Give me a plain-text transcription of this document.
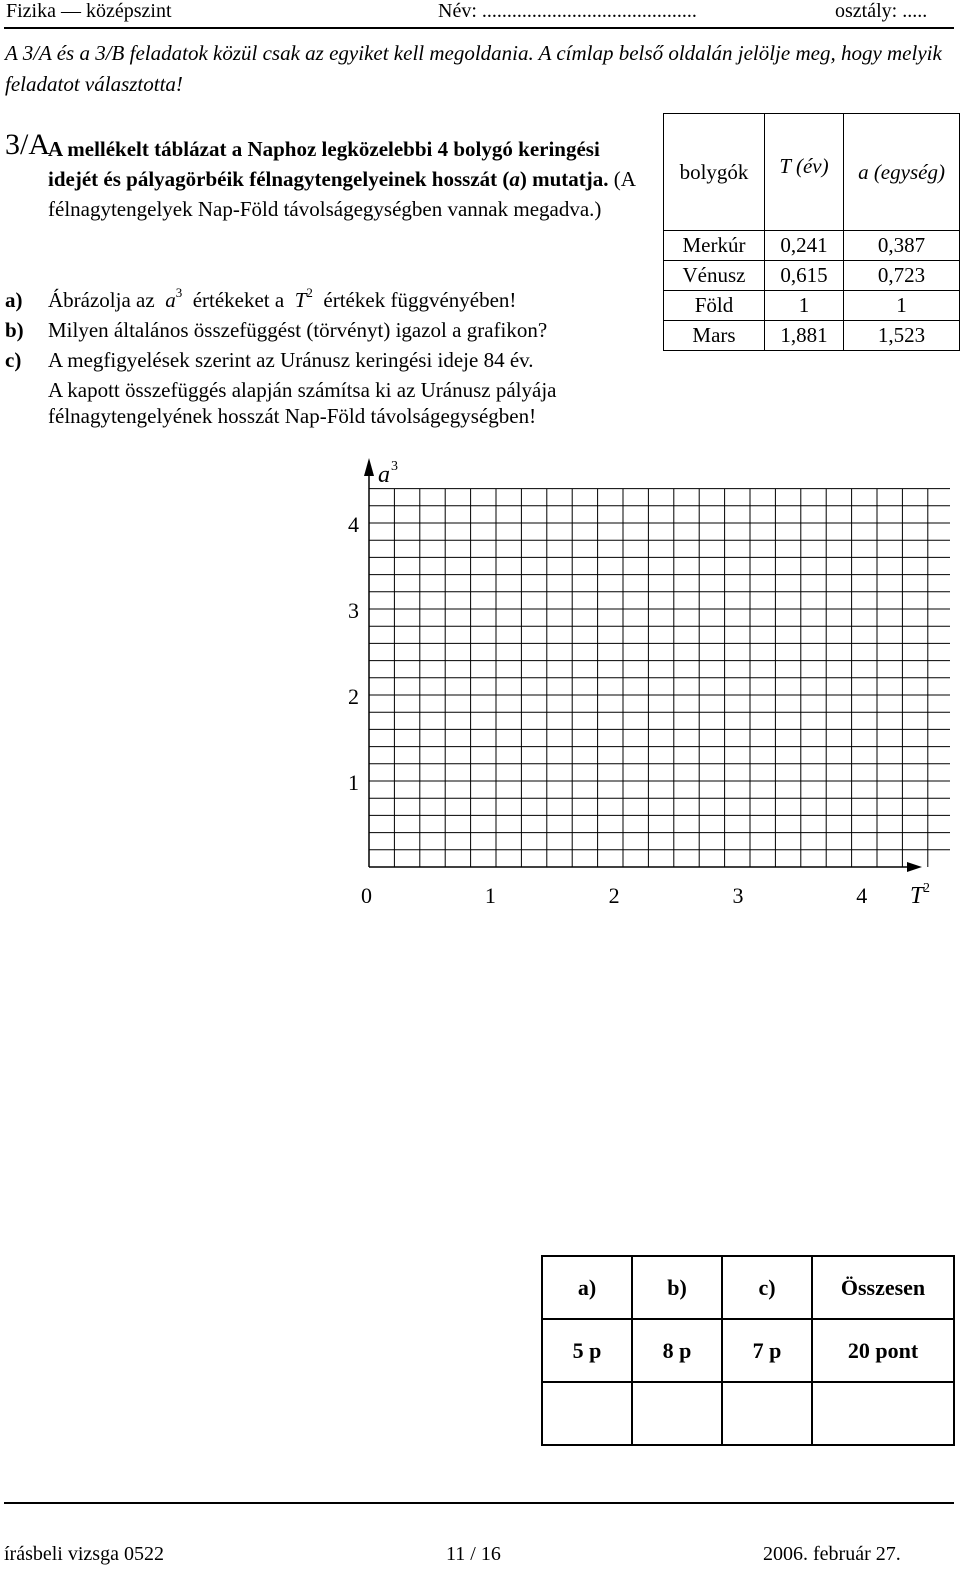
Fizika — középszint	Név: ...........................................	osztály: .....
A 3/A és a 3/B feladatok közül csak az egyiket kell megoldania. A címlap belső oldalán jelölje meg, hogy melyik feladatot választotta!
3/A
A mellékelt táblázat a Naphoz legközelebbi 4 bolygó keringési idejét és pályagörbéik félnagytengelyeinek hosszát (a) mutatja. (A félnagytengelyek Nap-Föld távolságegységben vannak megadva.)
a) Ábrázolja az $a^3$ értékeket a $T^2$ értékek függvényében!
b) Milyen általános összefüggést (törvényt) igazol a grafikon?
c) A megfigyelések szerint az Uránusz keringési ideje 84 év.
A kapott összefüggés alapján számítsa ki az Uránusz pályája
félnagytengelyének hosszát Nap-Föld távolságegységben!
bolygók	T (év)	a (egység)
Merkúr	0,241	0,387
Vénusz	0,615	0,723
Föld	1	1
Mars	1,881	1,523
0	1	2	3	4
1
2
3
4
a 3
T 2
a)	b)	c)	Összesen
5 p	8 p	7 p	20 pont

írásbeli vizsga 0522	11 / 16	2006. február 27.
